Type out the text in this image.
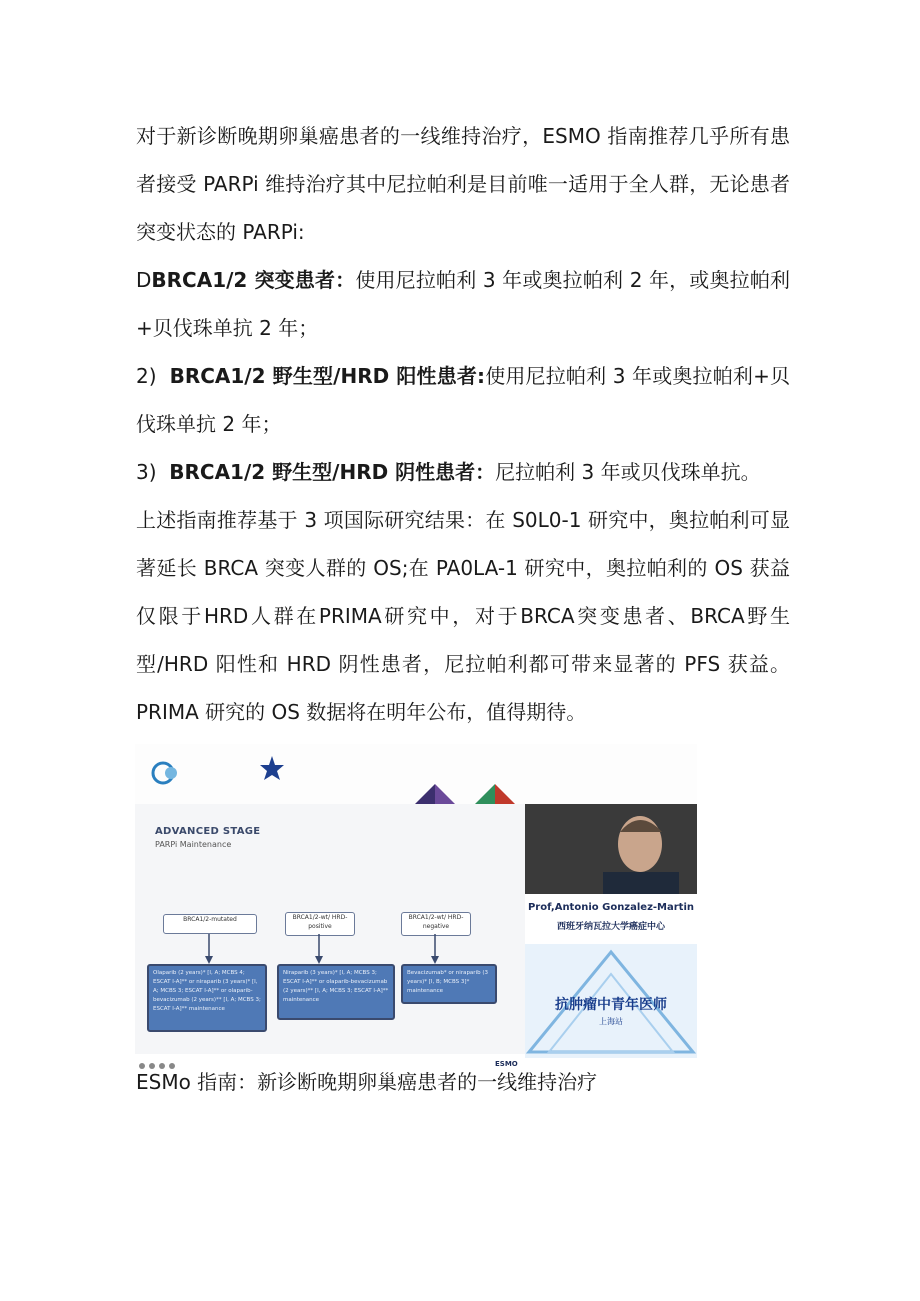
对于新诊断晚期卵巢癌患者的一线维持治疗，ESMO 指南推荐几乎所有患者接受 PARPi 维持治疗其中尼拉帕利是目前唯一适用于全人群，无论患者突变状态的 PARPi:

DBRCA1/2 突变患者：使用尼拉帕利 3 年或奥拉帕利 2 年，或奥拉帕利+贝伐珠单抗 2 年；

2) BRCA1/2 野生型/HRD 阳性患者:使用尼拉帕利 3 年或奥拉帕利+贝伐珠单抗 2 年；

3) BRCA1/2 野生型/HRD 阴性患者：尼拉帕利 3 年或贝伐珠单抗。

上述指南推荐基于 3 项国际研究结果：在 S0L0-1 研究中，奥拉帕利可显著延长 BRCA 突变人群的 OS;在 PA0LA-1 研究中，奥拉帕利的 OS 获益仅限于HRD人群在PRIMA研究中，对于BRCA突变患者、BRCA野生型/HRD 阳性和 HRD 阴性患者，尼拉帕利都可带来显著的 PFS 获益。PRIMA 研究的 OS 数据将在明年公布，值得期待。

ADVANCED STAGE
PARPi Maintenance
BRCA1/2-mutated	BRCA1/2-wt/ HRD-positive
BRCA1/2-wt/ HRD-negative
Olaparib (2 years)* [I, A; MCBS 4; ESCAT I-A]** or niraparib (3 years)* [I, A; MCBS 3; ESCAT I-A]** or olaparib-bevacizumab (2 years)** [I, A; MCBS 3; ESCAT I-A]** maintenance
Niraparib (3 years)* [I, A; MCBS 3; ESCAT I-A]** or olaparib-bevacizumab (2 years)** [I, A; MCBS 3; ESCAT I-A]** maintenance
Bevacizumab* or niraparib (3 years)* [I, B; MCBS 3]* maintenance
ESMO
Prof,Antonio Gonzalez-Martin
西班牙纳瓦拉大学癌症中心
抗肿瘤中青年医师
上海站
ESMo 指南：新诊断晚期卵巢癌患者的一线维持治疗
